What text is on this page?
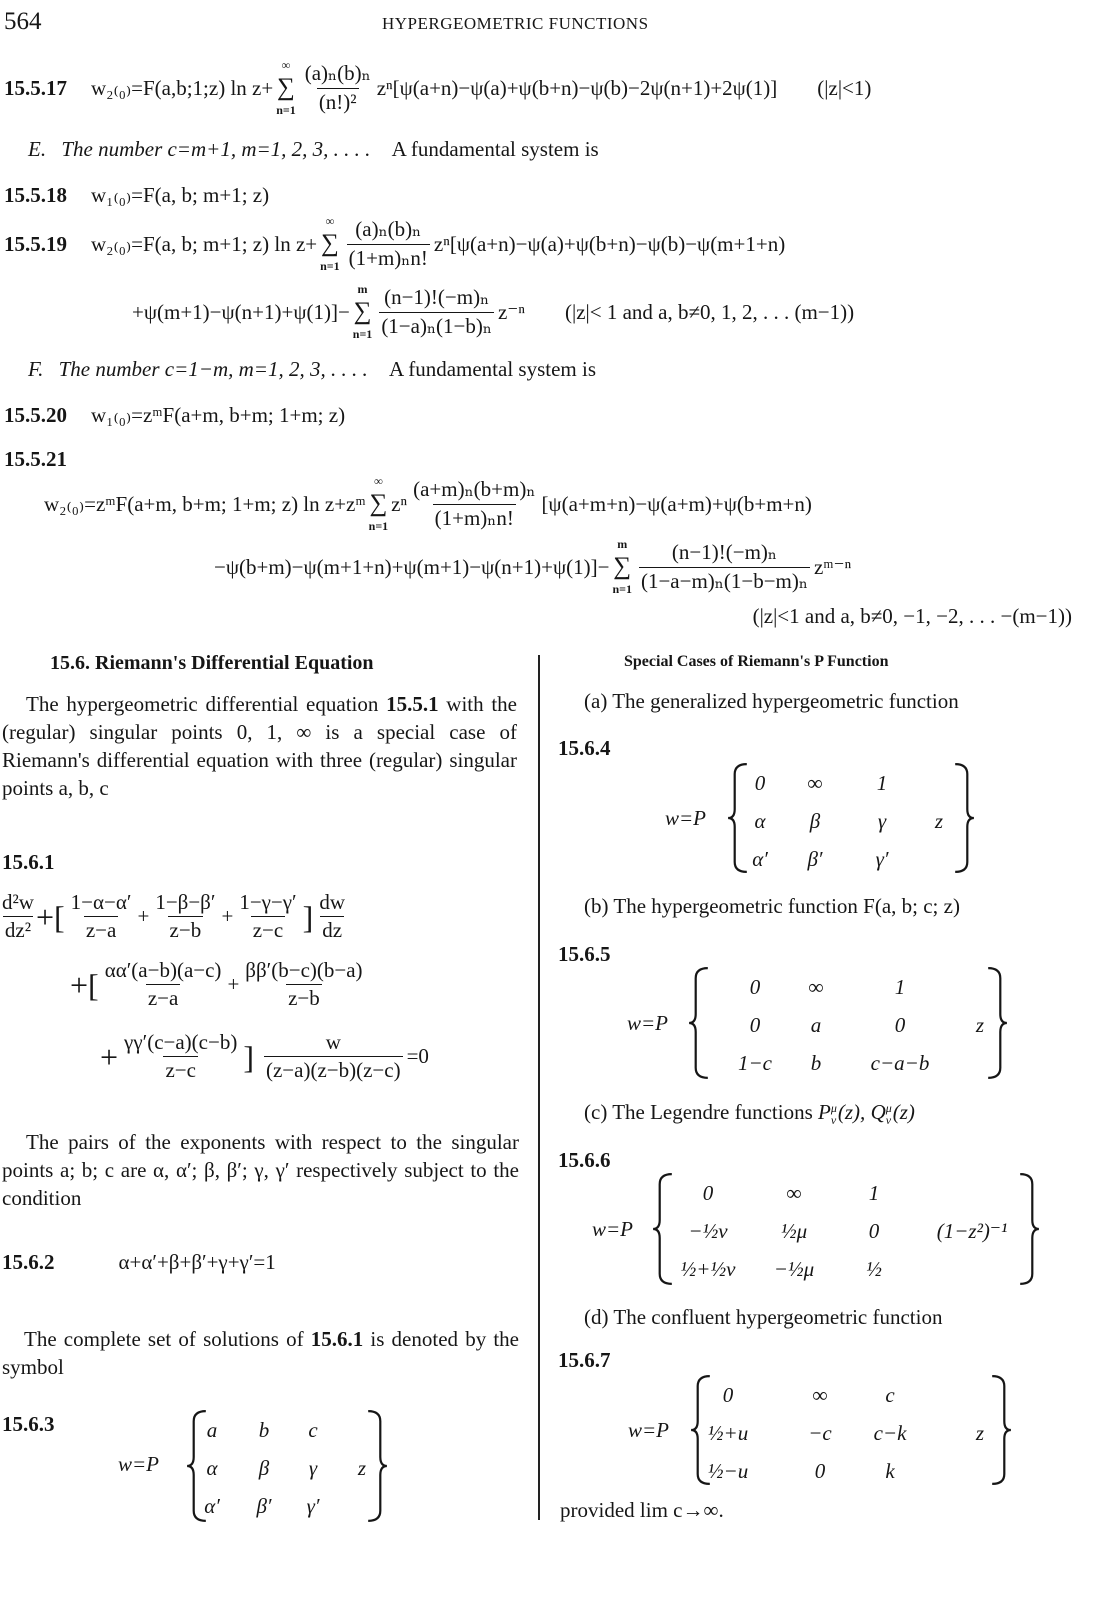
564	HYPERGEOMETRIC FUNCTIONS
15.5.17 w₂₍₀₎=F(a,b;1;z) ln z+
∞
∑
$n=1 \frac{\text{(a)ₙ(b)ₙ}}{\text{(n!)²}} z^n[\psi(a+n)-\psi(a)+\psi(b+n)-\psi(b)-2\psi(n+1)+2\psi(1)]$ (|z|<1)
E. The number c=m+1, m=1, 2, 3, . . . . A fundamental system is
15.5.18 w₁₍₀₎=F(a, b; m+1; z)
15.5.19 w₂₍₀₎=F(a, b; m+1; z) ln z+
∞
∑
$n=1 \frac{\text{(a)ₙ(b)ₙ}}{\text{(1+m)ₙn!}} z^n[\psi(a+n)-\psi(a)+\psi(b+n)-\psi(b)-\psi(m+1+n)$
+ψ(m+1)−ψ(n+1)+ψ(1)]−
m
∑
$n=1 \frac{\text{(n−1)!(−m)ₙ}}{\text{(1−a)ₙ(1−b)ₙ}} z^{-n}$ (|z|< 1 and a, b≠0, 1, 2, . . . (m−1))
F. The number c=1−m, m=1, 2, 3, . . . . A fundamental system is
15.5.20 w₁₍₀₎=zᵐF(a+m, b+m; 1+m; z)
15.5.21
w₂₍₀₎=zᵐF(a+m, b+m; 1+m; z) ln z+zᵐ
∞
∑
n=1
zⁿ $\frac{\text{(a+m)ₙ(b+m)ₙ}}{\text{(1+m)ₙn!}} [\psi(a+m+n)-\psi(a+m)+\psi(b+m+n)$
−ψ(b+m)−ψ(m+1+n)+ψ(m+1)−ψ(n+1)+ψ(1)]−
m
∑
$n=1 \frac{\text{(n−1)!(−m)ₙ}}{\text{(1−a−m)ₙ(1−b−m)ₙ}}$ zᵐ⁻ⁿ
(|z|<1 and a, b≠0, −1, −2, . . . −(m−1))
15.6. Riemann's Differential Equation
The hypergeometric differential equation 15.5.1 with the (regular) singular points 0, 1, ∞ is a special case of Riemann's differential equation with three (regular) singular points a, b, c
15.6.1
$\frac{\text{d²w}}{\text{dz²}}$ +[ $\frac{1-\alpha-\alpha'}{z-a} + \frac{1-\beta-\beta'}{z-b} + \frac{1-\gamma-\gamma'}{z-c}$ ] $\frac{dw}{dz}$
+[ $\frac{\alpha\alpha'(a-b)(a-c)}{z-a} + \frac{\beta\beta'(b-c)(b-a)}{z-b}$
+ $\frac{\gamma\gamma'(c-a)(c-b)}{z-c}$ ] $\frac{w}{(z-a)(z-b)(z-c)} =0$
The pairs of the exponents with respect to the singular points a; b; c are α, α′; β, β′; γ, γ′ respectively subject to the condition
15.6.2	α+α′+β+β′+γ+γ′=1
The complete set of solutions of 15.6.1 is denoted by the symbol
15.6.3
w=P
a b c
α β γ z
α′ β′ γ′
Special Cases of Riemann's P Function
(a) The generalized hypergeometric function
15.6.4
w=P
0 ∞	1
α β	γ z
α′ β′	γ′
(b) The hypergeometric function F(a, b; c; z)
15.6.5
w=P
0 ∞	1
0 a	0	z
1−c b c−a−b
(c) The Legendre functions P μ
ν (z), Q μ
ν (z)
15.6.6
w=P
0	∞	1
−½ν	½μ	0	(1−z²)⁻¹
½+½ν −½μ ½
(d) The confluent hypergeometric function
15.6.7
w=P
0	∞	c
½+u	−c c−k	z
½−u	0	k
provided lim c→∞.
